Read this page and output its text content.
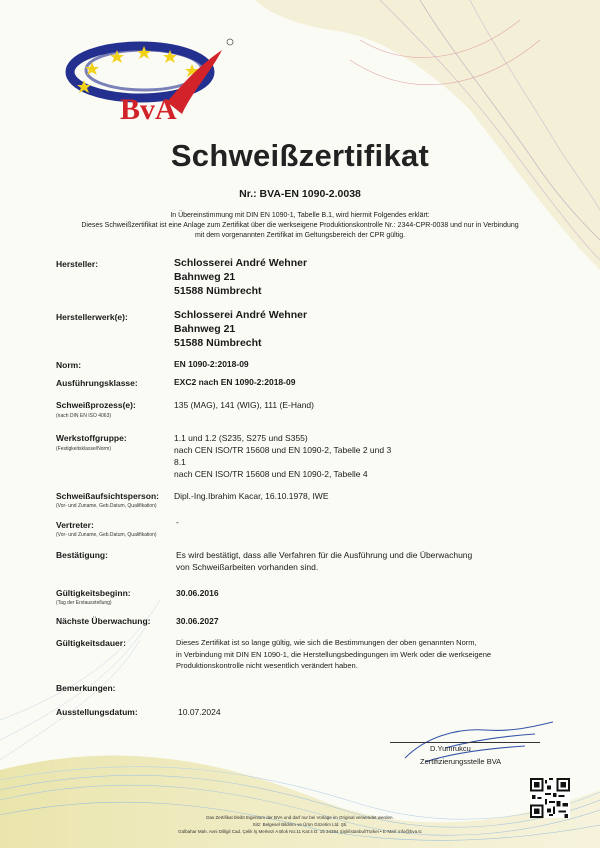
BvA
Schweißzertifikat
Nr.: BVA-EN 1090-2.0038
In Übereinstimmung mit DIN EN 1090-1, Tabelle B.1, wird hiermit Folgendes erklärt:
Dieses Schweißzertifikat ist eine Anlage zum Zertifikat über die werkseigene Produktionskontrolle Nr.: 2344-CPR-0038 und nur in Verbindung
mit dem vorgenannten Zertifikat im Geltungsbereich der CPR gültig.
Hersteller:	Schlosserei André Wehner
Bahnweg 21
51588 Nümbrecht
Herstellerwerk(e):	Schlosserei André Wehner
Bahnweg 21
51588 Nümbrecht
Norm:	EN 1090-2:2018-09
Ausführungsklasse:	EXC2 nach EN 1090-2:2018-09
Schweißprozess(e):
(nach DIN EN ISO 4063)
135 (MAG), 141 (WIG), 111 (E-Hand)
Werkstoffgruppe:
(Festigkeitsklasse/Norm)
1.1 und 1.2 (S235, S275 und S355)
nach CEN ISO/TR 15608 und EN 1090-2, Tabelle 2 und 3
8.1
nach CEN ISO/TR 15608 und EN 1090-2, Tabelle 4
Schweißaufsichtsperson:
(Vor- und Zuname, Geb.Datum, Qualifikation)
Dipl.-Ing.Ibrahim Kacar, 16.10.1978, IWE
Vertreter:
(Vor- und Zuname, Geb.Datum, Qualifikation)
-
Bestätigung:	Es wird bestätigt, dass alle Verfahren für die Ausführung und die Überwachung
von Schweißarbeiten vorhanden sind.
Gültigkeitsbeginn:
(Tag der Erstausstellung)
30.06.2016
Nächste Überwachung:	30.06.2027
Gültigkeitsdauer:	Dieses Zertifikat ist so lange gültig, wie sich die Bestimmungen der oben genannten Norm,
in Verbindung mit DIN EN 1090-1, die Herstellungsbedingungen im Werk oder die werkseigene
Produktionskontrolle nicht wesentlich verändert haben.
Bemerkungen:
Ausstellungsdatum:	10.07.2024
D.Yumrukcu
Zertifizierungsstelle BVA
Das Zertifikat bleibt Eigentum der BVA und darf nur bei Vorlage im Original verwendet werden.
Sitz: Belgesel Bildirim ve Ürün Gözetim Ltd. Şti.
Gülbahar Mah. Avni Dilligil Cad. Çelik İş Merkezi A Blok No:11 Kat:4 D: 15 34394 Şişli/İstanbul/Türkei • E-Mail: info@bva.tc
